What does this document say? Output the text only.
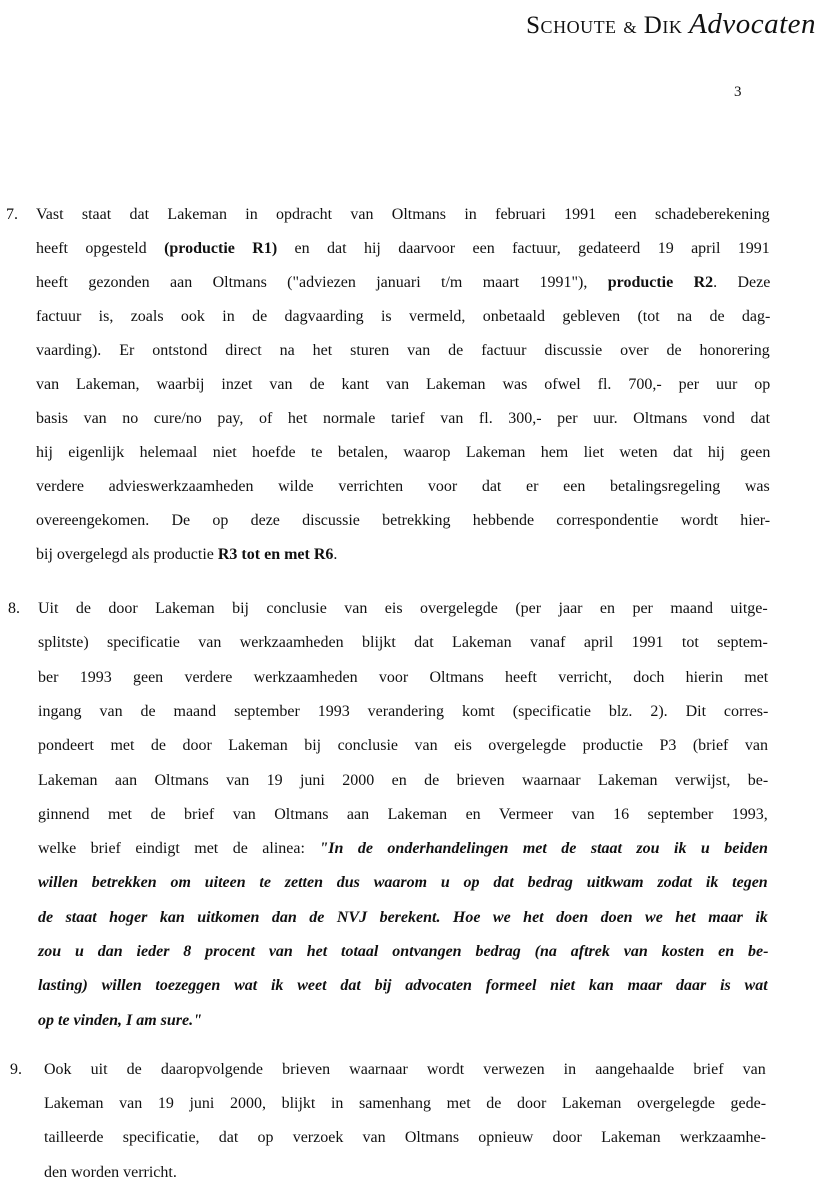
Schoute & Dik Advocaten
3
7. Vast staat dat Lakeman in opdracht van Oltmans in februari 1991 een schadeberekening
heeft opgesteld (productie R1) en dat hij daarvoor een factuur, gedateerd 19 april 1991
heeft gezonden aan Oltmans ("adviezen januari t/m maart 1991"), productie R2. Deze
factuur is, zoals ook in de dagvaarding is vermeld, onbetaald gebleven (tot na de dag-
vaarding). Er ontstond direct na het sturen van de factuur discussie over de honorering
van Lakeman, waarbij inzet van de kant van Lakeman was ofwel fl. 700,- per uur op
basis van no cure/no pay, of het normale tarief van fl. 300,- per uur. Oltmans vond dat
hij eigenlijk helemaal niet hoefde te betalen, waarop Lakeman hem liet weten dat hij geen
verdere advieswerkzaamheden wilde verrichten voor dat er een betalingsregeling was
overeengekomen. De op deze discussie betrekking hebbende correspondentie wordt hier-
bij overgelegd als productie R3 tot en met R6.
8. Uit de door Lakeman bij conclusie van eis overgelegde (per jaar en per maand uitge-
splitste) specificatie van werkzaamheden blijkt dat Lakeman vanaf april 1991 tot septem-
ber 1993 geen verdere werkzaamheden voor Oltmans heeft verricht, doch hierin met
ingang van de maand september 1993 verandering komt (specificatie blz. 2). Dit corres-
pondeert met de door Lakeman bij conclusie van eis overgelegde productie P3 (brief van
Lakeman aan Oltmans van 19 juni 2000 en de brieven waarnaar Lakeman verwijst, be-
ginnend met de brief van Oltmans aan Lakeman en Vermeer van 16 september 1993,
welke brief eindigt met de alinea: "In de onderhandelingen met de staat zou ik u beiden
willen betrekken om uiteen te zetten dus waarom u op dat bedrag uitkwam zodat ik tegen
de staat hoger kan uitkomen dan de NVJ berekent. Hoe we het doen doen we het maar ik
zou u dan ieder 8 procent van het totaal ontvangen bedrag (na aftrek van kosten en be-
lasting) willen toezeggen wat ik weet dat bij advocaten formeel niet kan maar daar is wat
op te vinden, I am sure."
9. Ook uit de daaropvolgende brieven waarnaar wordt verwezen in aangehaalde brief van
Lakeman van 19 juni 2000, blijkt in samenhang met de door Lakeman overgelegde gede-
tailleerde specificatie, dat op verzoek van Oltmans opnieuw door Lakeman werkzaamhe-
den worden verricht.
